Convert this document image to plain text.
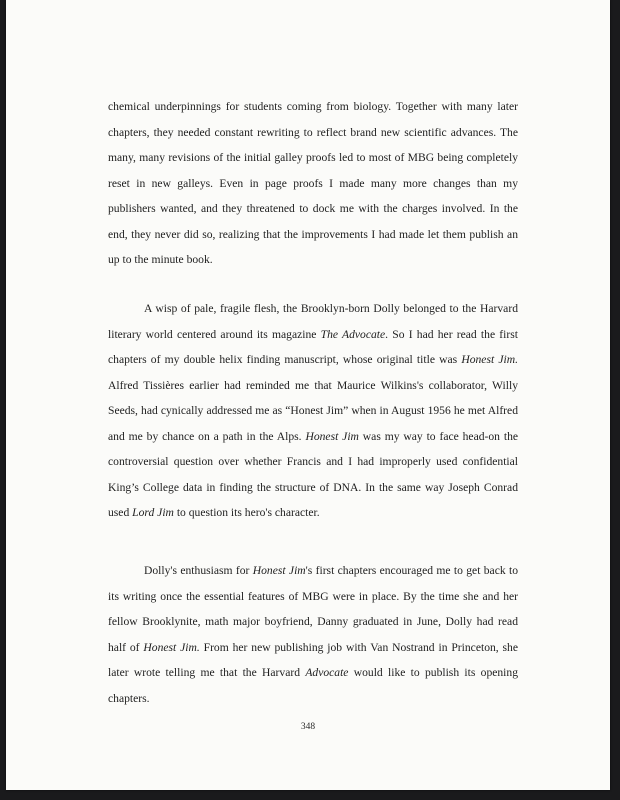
chemical underpinnings for students coming from biology. Together with many later chapters, they needed constant rewriting to reflect brand new scientific advances. The many, many revisions of the initial galley proofs led to most of MBG being completely reset in new galleys. Even in page proofs I made many more changes than my publishers wanted, and they threatened to dock me with the charges involved. In the end, they never did so, realizing that the improvements I had made let them publish an up to the minute book.

A wisp of pale, fragile flesh, the Brooklyn-born Dolly belonged to the Harvard literary world centered around its magazine The Advocate. So I had her read the first chapters of my double helix finding manuscript, whose original title was Honest Jim. Alfred Tissières earlier had reminded me that Maurice Wilkins's collaborator, Willy Seeds, had cynically addressed me as “Honest Jim” when in August 1956 he met Alfred and me by chance on a path in the Alps. Honest Jim was my way to face head-on the controversial question over whether Francis and I had improperly used confidential King’s College data in finding the structure of DNA. In the same way Joseph Conrad used Lord Jim to question its hero's character.

Dolly's enthusiasm for Honest Jim's first chapters encouraged me to get back to its writing once the essential features of MBG were in place. By the time she and her fellow Brooklynite, math major boyfriend, Danny graduated in June, Dolly had read half of Honest Jim. From her new publishing job with Van Nostrand in Princeton, she later wrote telling me that the Harvard Advocate would like to publish its opening chapters.

348
